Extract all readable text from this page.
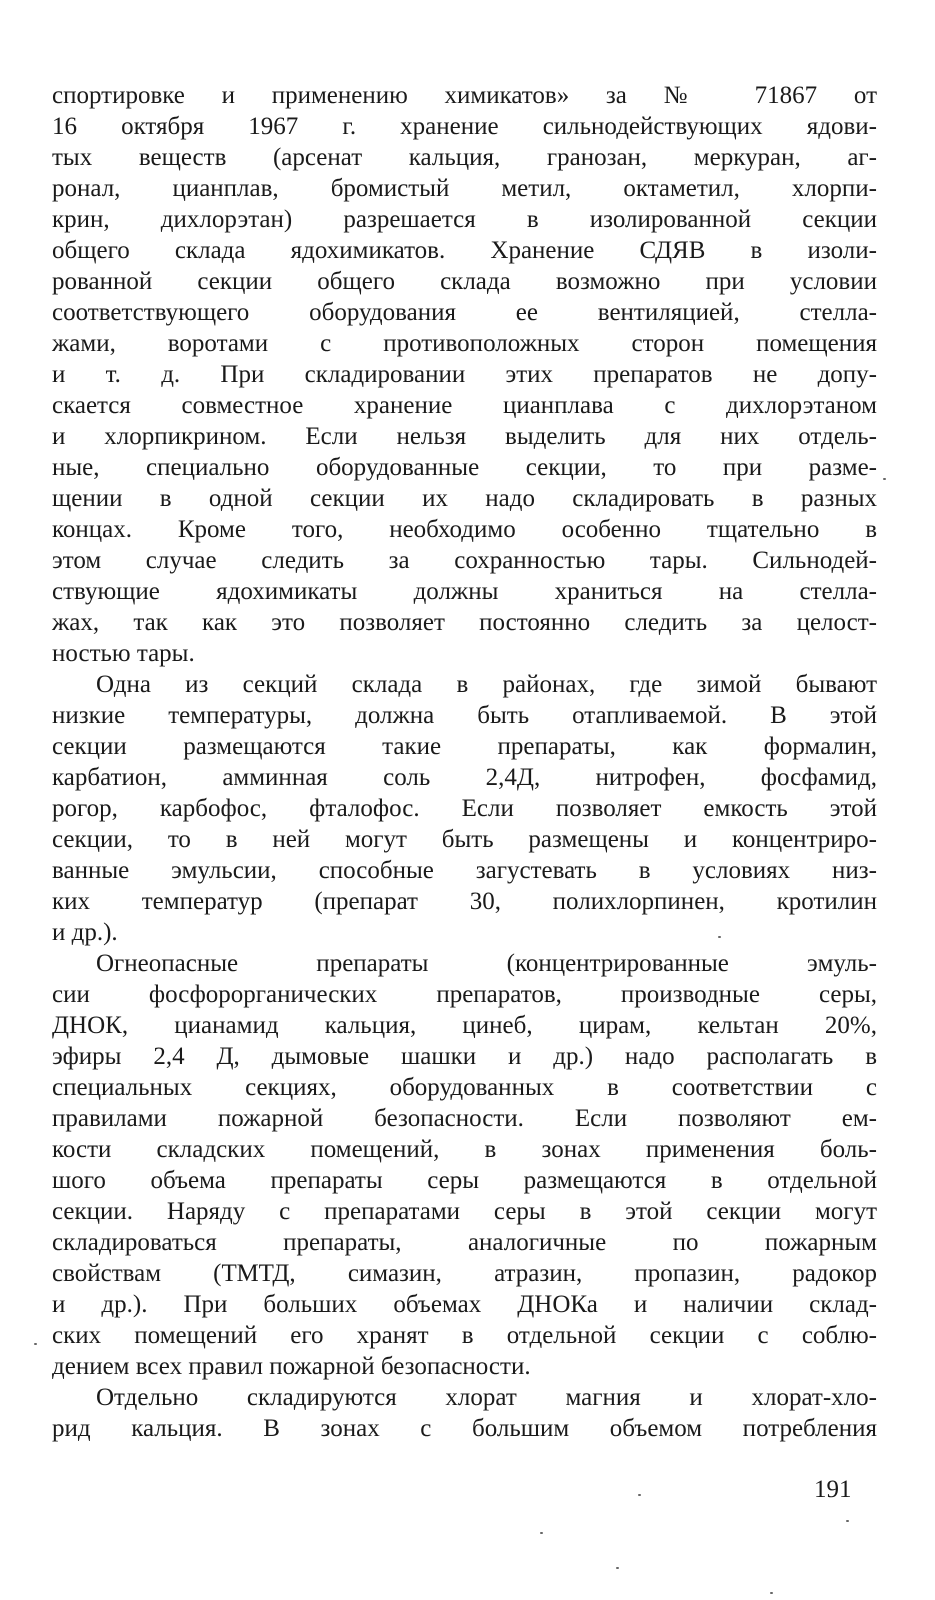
спортировке и применению химикатов» за № 71867 от
16 октября 1967 г. хранение сильнодействующих ядови-
тых веществ (арсенат кальция, гранозан, меркуран, аг-
ронал, цианплав, бромистый метил, октаметил, хлорпи-
крин, дихлорэтан) разрешается в изолированной секции
общего склада ядохимикатов. Хранение СДЯВ в изоли-
рованной секции общего склада возможно при условии
соответствующего оборудования ее вентиляцией, стелла-
жами, воротами с противоположных сторон помещения
и т. д. При складировании этих препаратов не допу-
скается совместное хранение цианплава с дихлорэтаном
и хлорпикрином. Если нельзя выделить для них отдель-
ные, специально оборудованные секции, то при разме-
щении в одной секции их надо складировать в разных
концах. Кроме того, необходимо особенно тщательно в
этом случае следить за сохранностью тары. Сильнодей-
ствующие ядохимикаты должны храниться на стелла-
жах, так как это позволяет постоянно следить за целост-
ностью тары.
Одна из секций склада в районах, где зимой бывают
низкие температуры, должна быть отапливаемой. В этой
секции размещаются такие препараты, как формалин,
карбатион, амминная соль 2,4Д, нитрофен, фосфамид,
рогор, карбофос, фталофос. Если позволяет емкость этой
секции, то в ней могут быть размещены и концентриро-
ванные эмульсии, способные загустевать в условиях низ-
ких температур (препарат 30, полихлорпинен, кротилин
и др.).
Огнеопасные препараты (концентрированные эмуль-
сии фосфорорганических препаратов, производные серы,
ДНОК, цианамид кальция, цинеб, цирам, кельтан 20%,
эфиры 2,4 Д, дымовые шашки и др.) надо располагать в
специальных секциях, оборудованных в соответствии с
правилами пожарной безопасности. Если позволяют ем-
кости складских помещений, в зонах применения боль-
шого объема препараты серы размещаются в отдельной
секции. Наряду с препаратами серы в этой секции могут
складироваться препараты, аналогичные по пожарным
свойствам (ТМТД, симазин, атразин, пропазин, радокор
и др.). При больших объемах ДНОКа и наличии склад-
ских помещений его хранят в отдельной секции с соблю-
дением всех правил пожарной безопасности.
Отдельно складируются хлорат магния и хлорат-хло-
рид кальция. В зонах с большим объемом потребления
191
